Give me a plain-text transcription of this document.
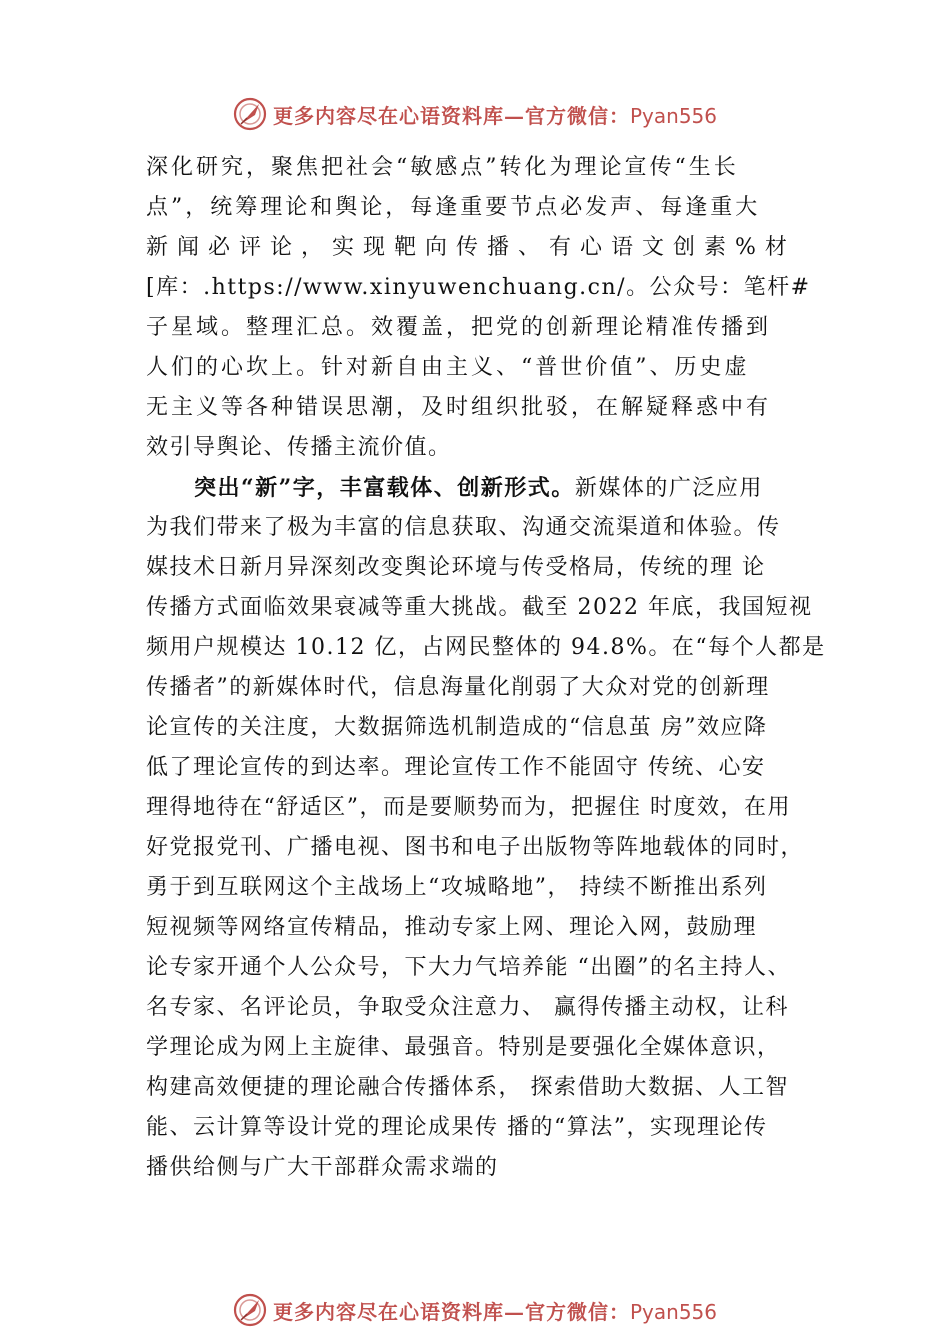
更多内容尽在心语资料库—官方微信：Pyan556
深化研究，聚焦把社会“敏感点”转化为理论宣传“生长
点”，统筹理论和舆论，每逢重要节点必发声、每逢重大
新闻必评论，实现靶向传播、有心语文创素%材
[库：.https://www.xinyuwenchuang.cn/。公众号：笔杆#
子星域。整理汇总。效覆盖，把党的创新理论精准传播到
人们的心坎上。针对新自由主义、“普世价值”、历史虚
无主义等各种错误思潮，及时组织批驳，在解疑释惑中有
效引导舆论、传播主流价值。
突出“新”字，丰富载体、创新形式。新媒体的广泛应用
为我们带来了极为丰富的信息获取、沟通交流渠道和体验。传
媒技术日新月异深刻改变舆论环境与传受格局，传统的理 论
传播方式面临效果衰减等重大挑战。截至 2022 年底，我国短视
频用户规模达 10.12 亿，占网民整体的 94.8%。在“每个人都是
传播者”的新媒体时代，信息海量化削弱了大众对党的创新理
论宣传的关注度，大数据筛选机制造成的“信息茧 房”效应降
低了理论宣传的到达率。理论宣传工作不能固守 传统、心安
理得地待在“舒适区”，而是要顺势而为，把握住 时度效，在用
好党报党刊、广播电视、图书和电子出版物等阵地载体的同时，
勇于到互联网这个主战场上“攻城略地”， 持续不断推出系列
短视频等网络宣传精品，推动专家上网、理论入网，鼓励理
论专家开通个人公众号，下大力气培养能 “出圈”的名主持人、
名专家、名评论员，争取受众注意力、 赢得传播主动权，让科
学理论成为网上主旋律、最强音。特别是要强化全媒体意识，
构建高效便捷的理论融合传播体系， 探索借助大数据、人工智
能、云计算等设计党的理论成果传 播的“算法”，实现理论传
播供给侧与广大干部群众需求端的
更多内容尽在心语资料库—官方微信：Pyan556
